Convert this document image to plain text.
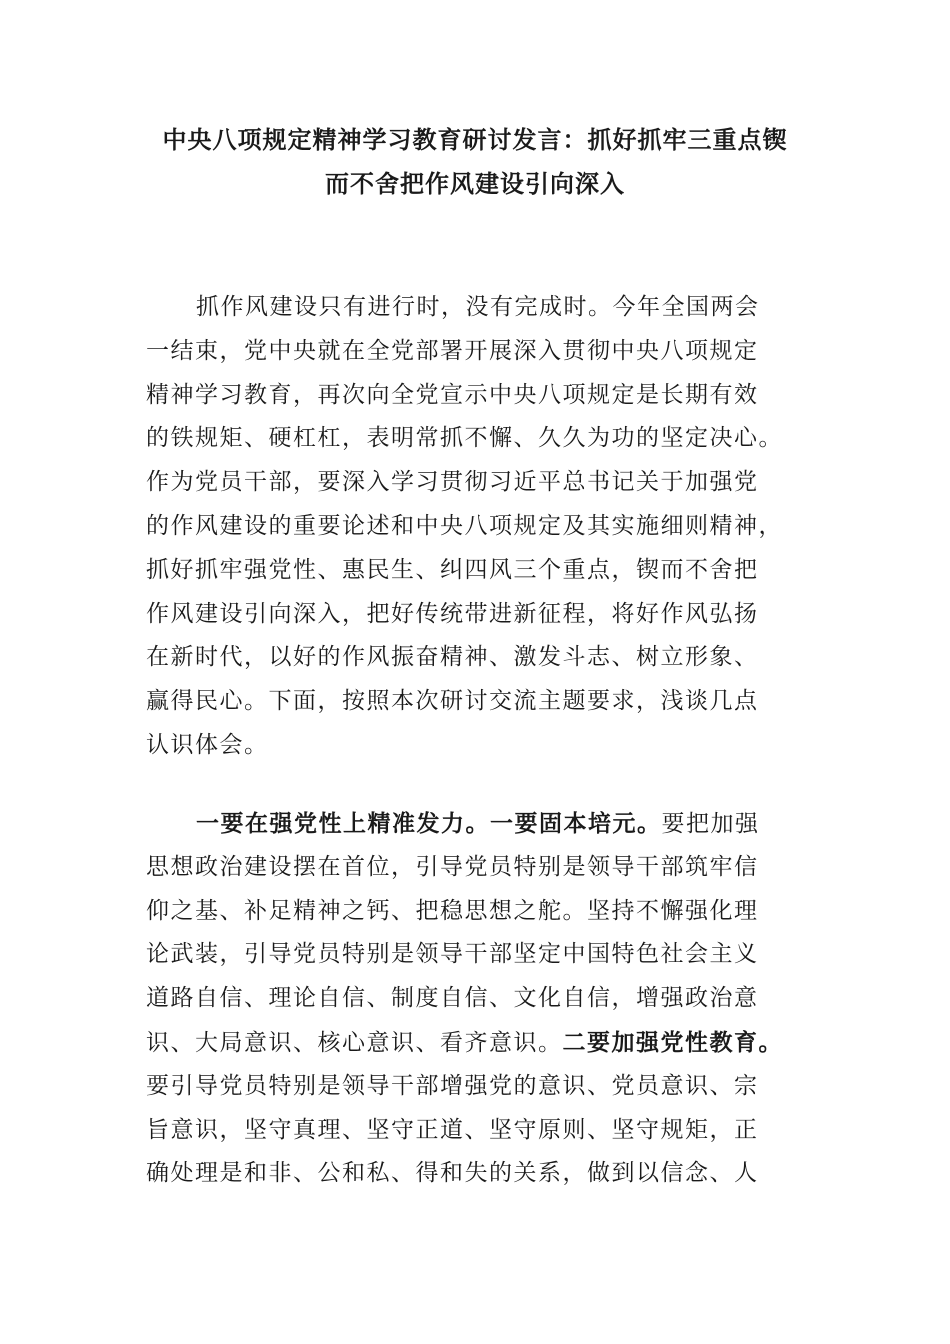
中央八项规定精神学习教育研讨发言：抓好抓牢三重点锲
而不舍把作风建设引向深入
抓作风建设只有进行时，没有完成时。今年全国两会
一结束，党中央就在全党部署开展深入贯彻中央八项规定
精神学习教育，再次向全党宣示中央八项规定是长期有效
的铁规矩、硬杠杠，表明常抓不懈、久久为功的坚定决心。
作为党员干部，要深入学习贯彻习近平总书记关于加强党
的作风建设的重要论述和中央八项规定及其实施细则精神，
抓好抓牢强党性、惠民生、纠四风三个重点，锲而不舍把
作风建设引向深入，把好传统带进新征程，将好作风弘扬
在新时代，以好的作风振奋精神、激发斗志、树立形象、
赢得民心。下面，按照本次研讨交流主题要求，浅谈几点
认识体会。
一要在强党性上精准发力。一要固本培元。要把加强
思想政治建设摆在首位，引导党员特别是领导干部筑牢信
仰之基、补足精神之钙、把稳思想之舵。坚持不懈强化理
论武装，引导党员特别是领导干部坚定中国特色社会主义
道路自信、理论自信、制度自信、文化自信，增强政治意
识、大局意识、核心意识、看齐意识。二要加强党性教育。
要引导党员特别是领导干部增强党的意识、党员意识、宗
旨意识，坚守真理、坚守正道、坚守原则、坚守规矩，正
确处理是和非、公和私、得和失的关系，做到以信念、人
